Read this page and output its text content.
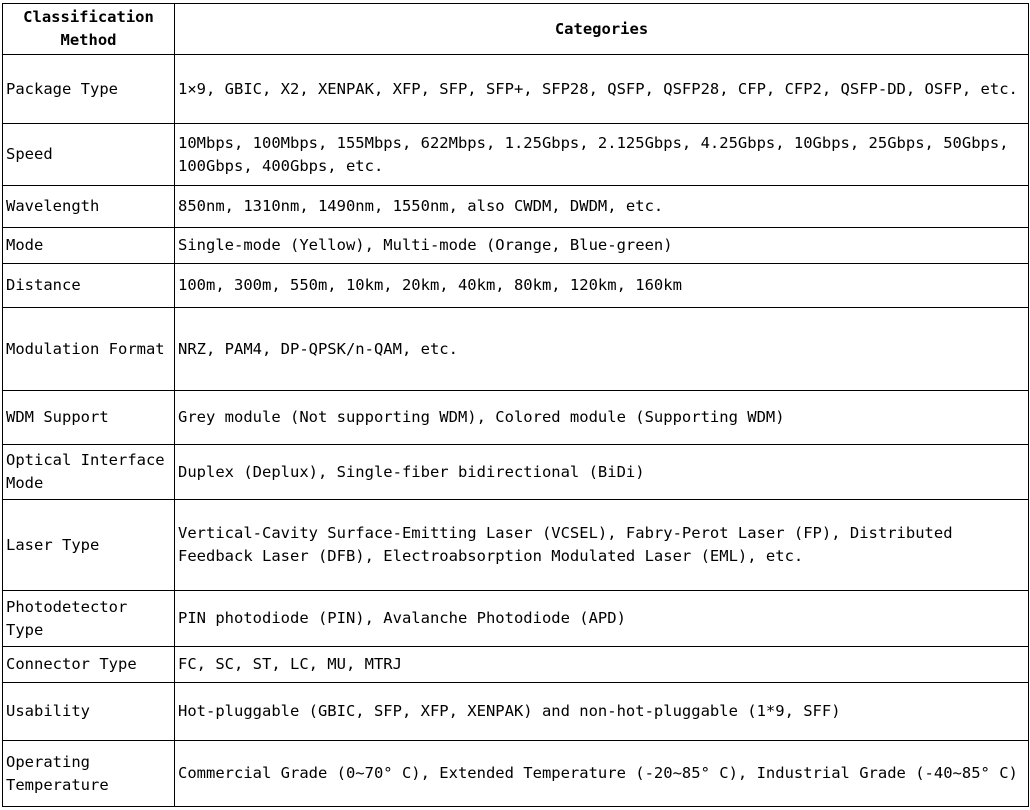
Classification Method	Categories
Package Type	1×9, GBIC, X2, XENPAK, XFP, SFP, SFP+, SFP28, QSFP, QSFP28, CFP, CFP2, QSFP-DD, OSFP, etc.
Speed	10Mbps, 100Mbps, 155Mbps, 622Mbps, 1.25Gbps, 2.125Gbps, 4.25Gbps, 10Gbps, 25Gbps, 50Gbps, 100Gbps, 400Gbps, etc.
Wavelength	850nm, 1310nm, 1490nm, 1550nm, also CWDM, DWDM, etc.
Mode	Single-mode (Yellow), Multi-mode (Orange, Blue-green)
Distance	100m, 300m, 550m, 10km, 20km, 40km, 80km, 120km, 160km
Modulation Format	NRZ, PAM4, DP-QPSK/n-QAM, etc.
WDM Support	Grey module (Not supporting WDM), Colored module (Supporting WDM)
Optical Interface Mode	Duplex (Deplux), Single-fiber bidirectional (BiDi)
Laser Type	Vertical-Cavity Surface-Emitting Laser (VCSEL), Fabry-Perot Laser (FP), Distributed Feedback Laser (DFB), Electroabsorption Modulated Laser (EML), etc.
Photodetector Type	PIN photodiode (PIN), Avalanche Photodiode (APD)
Connector Type	FC, SC, ST, LC, MU, MTRJ
Usability	Hot-pluggable (GBIC, SFP, XFP, XENPAK) and non-hot-pluggable (1*9, SFF)
Operating Temperature	Commercial Grade (0~70° C), Extended Temperature (-20~85° C), Industrial Grade (-40~85° C)
